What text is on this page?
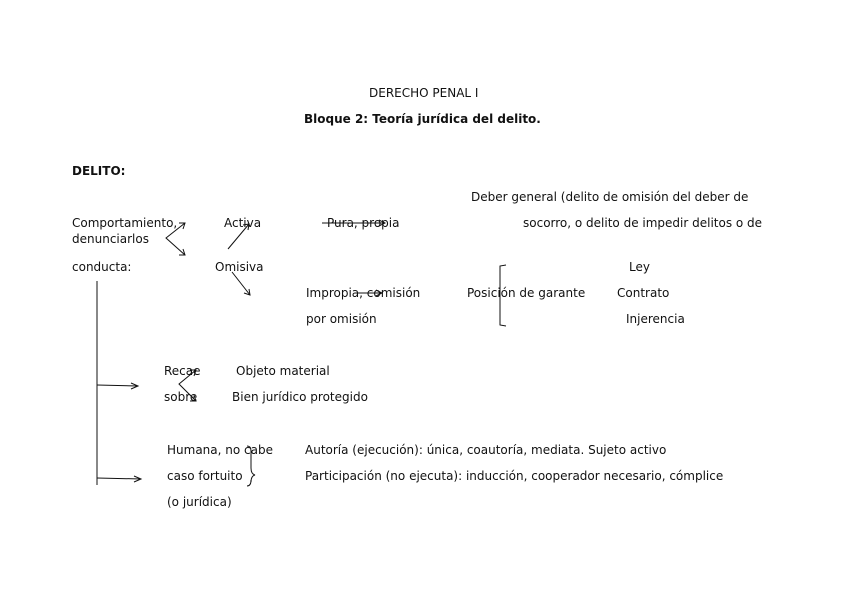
DERECHO PENAL I
Bloque 2: Teoría jurídica del delito.
DELITO:
Deber general (delito de omisión del deber de
Comportamiento,	Activa	Pura, propia	socorro, o delito de impedir delitos o de
denunciarlos
conducta:	Omisiva	Ley
Impropia, comisión	Posición de garante	Contrato
por omisión	Injerencia
Recae	Objeto material
sobre	Bien jurídico protegido
Humana, no cabe	Autoría (ejecución): única, coautoría, mediata. Sujeto activo
caso fortuito	Participación (no ejecuta): inducción, cooperador necesario, cómplice
(o jurídica)
